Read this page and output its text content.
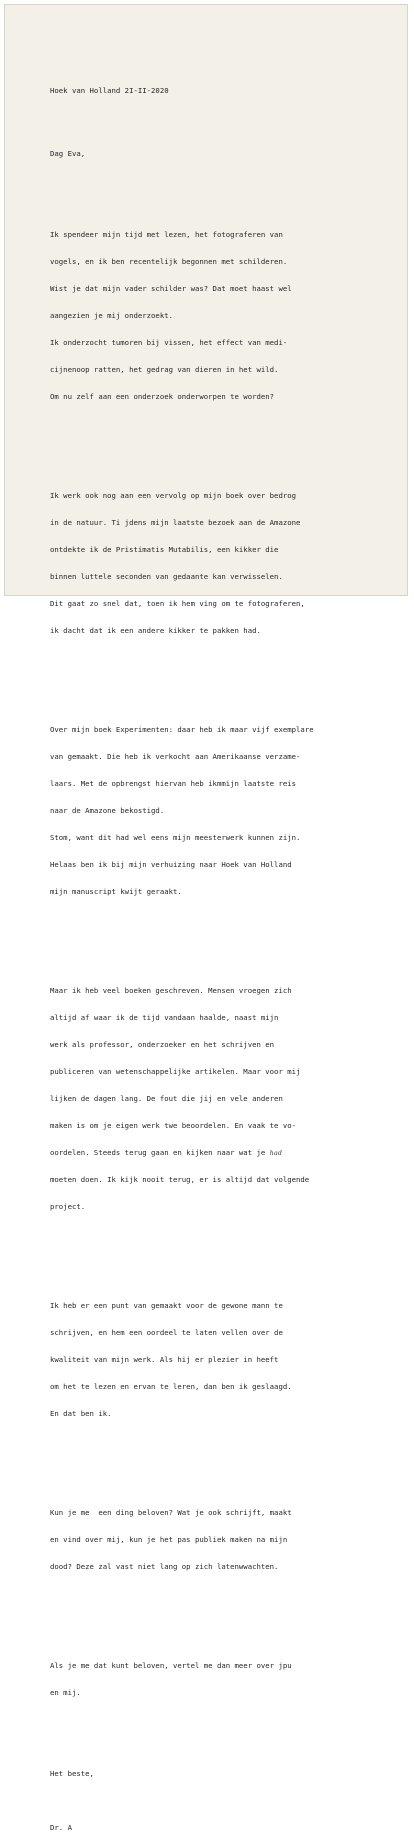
Hoek van Holland 2I-II-2020

Dag Eva,

Ik spendeer mijn tijd met lezen, het fotograferen van

vogels, en ik ben recentelijk begonnen met schilderen.

Wist je dat mijn vader schilder was? Dat moet haast wel

aangezien je mij onderzoekt.

Ik onderzocht tumoren bij vissen, het effect van medi-

cijnenoop ratten, het gedrag van dieren in het wild.

Om nu zelf aan een onderzoek onderworpen te worden?

Ik werk ook nog aan een vervolg op mijn boek over bedrog

in de natuur. Ti jdens mijn laatste bezoek aan de Amazone

ontdekte ik de Pristimatis Mutabilis, een kikker die

binnen luttele seconden van gedaante kan verwisselen.

Dit gaat zo snel dat, toen ik hem ving om te fotograferen,

ik dacht dat ik een andere kikker te pakken had.

Over mijn boek Experimenten: daar heb ik maar vijf exemplare

van gemaakt. Die heb ik verkocht aan Amerikaanse verzame-

laars. Met de opbrengst hiervan heb ikmmijn laatste reis

naar de Amazone bekostigd.

Stom, want dit had wel eens mijn meesterwerk kunnen zijn.

Helaas ben ik bij mijn verhuizing naar Hoek van Holland

mijn manuscript kwijt geraakt.

Maar ik heb veel boeken geschreven. Mensen vroegen zich

altijd af waar ik de tijd vandaan haalde, naast mijn

werk als professor, onderzoeker en het schrijven en

publiceren van wetenschappelijke artikelen. Maar voor mij

lijken de dagen lang. De fout die jij en vele anderen

maken is om je eigen werk twe beoordelen. En vaak te vo-

oordelen. Steeds terug gaan en kijken naar wat je had

moeten doen. Ik kijk nooit terug, er is altijd dat volgende

project.

Ik heb er een punt van gemaakt voor de gewone mann te

schrijven, en hem een oordeel te laten vellen over de

kwaliteit van mijn werk. Als hij er plezier in heeft

om het te lezen en ervan te leren, dan ben ik geslaagd.

En dat ben ik.

Kun je me  een ding beloven? Wat je ook schrijft, maakt

en vind over mij, kun je het pas publiek maken na mijn

dood? Deze zal vast niet lang op zich latenwwachten.

Als je me dat kunt beloven, vertel me dan meer over jpu

en mij.

Het beste,

Dr. A
